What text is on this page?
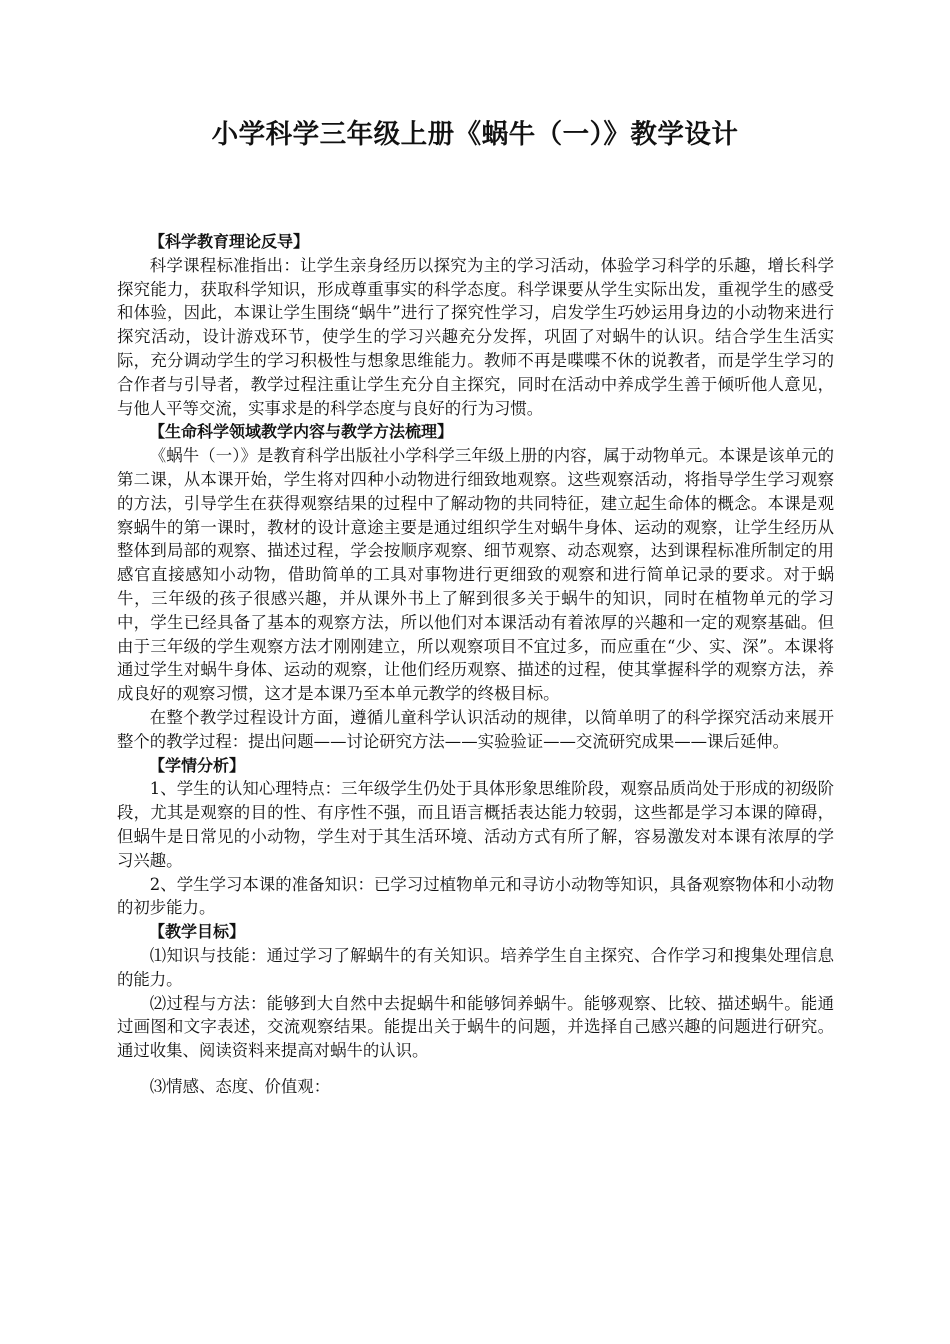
小学科学三年级上册《蜗牛（一）》教学设计
【科学教育理论反导】

科学课程标准指出：让学生亲身经历以探究为主的学习活动，体验学习科学的乐趣，增长科学探究能力，获取科学知识，形成尊重事实的科学态度。科学课要从学生实际出发，重视学生的感受和体验，因此，本课让学生围绕“蜗牛”进行了探究性学习，启发学生巧妙运用身边的小动物来进行探究活动，设计游戏环节，使学生的学习兴趣充分发挥，巩固了对蜗牛的认识。结合学生生活实际，充分调动学生的学习积极性与想象思维能力。教师不再是喋喋不休的说教者，而是学生学习的合作者与引导者，教学过程注重让学生充分自主探究，同时在活动中养成学生善于倾听他人意见，与他人平等交流，实事求是的科学态度与良好的行为习惯。

【生命科学领域教学内容与教学方法梳理】

《蜗牛（一）》是教育科学出版社小学科学三年级上册的内容，属于动物单元。本课是该单元的第二课，从本课开始，学生将对四种小动物进行细致地观察。这些观察活动，将指导学生学习观察的方法，引导学生在获得观察结果的过程中了解动物的共同特征，建立起生命体的概念。本课是观察蜗牛的第一课时，教材的设计意途主要是通过组织学生对蜗牛身体、运动的观察，让学生经历从整体到局部的观察、描述过程，学会按顺序观察、细节观察、动态观察，达到课程标准所制定的用感官直接感知小动物，借助简单的工具对事物进行更细致的观察和进行简单记录的要求。对于蜗牛，三年级的孩子很感兴趣，并从课外书上了解到很多关于蜗牛的知识，同时在植物单元的学习中，学生已经具备了基本的观察方法，所以他们对本课活动有着浓厚的兴趣和一定的观察基础。但由于三年级的学生观察方法才刚刚建立，所以观察项目不宜过多，而应重在“少、实、深”。本课将通过学生对蜗牛身体、运动的观察，让他们经历观察、描述的过程，使其掌握科学的观察方法，养成良好的观察习惯，这才是本课乃至本单元教学的终极目标。

在整个教学过程设计方面，遵循儿童科学认识活动的规律，以简单明了的科学探究活动来展开整个的教学过程：提出问题——讨论研究方法——实验验证——交流研究成果——课后延伸。

【学情分析】

1、学生的认知心理特点：三年级学生仍处于具体形象思维阶段，观察品质尚处于形成的初级阶段，尤其是观察的目的性、有序性不强，而且语言概括表达能力较弱，这些都是学习本课的障碍，但蜗牛是日常见的小动物，学生对于其生活环境、活动方式有所了解，容易激发对本课有浓厚的学习兴趣。

2、学生学习本课的准备知识：已学习过植物单元和寻访小动物等知识，具备观察物体和小动物的初步能力。

【教学目标】

⑴知识与技能：通过学习了解蜗牛的有关知识。培养学生自主探究、合作学习和搜集处理信息的能力。

⑵过程与方法：能够到大自然中去捉蜗牛和能够饲养蜗牛。能够观察、比较、描述蜗牛。能通过画图和文字表述，交流观察结果。能提出关于蜗牛的问题，并选择自己感兴趣的问题进行研究。通过收集、阅读资料来提高对蜗牛的认识。

⑶情感、态度、价值观：
